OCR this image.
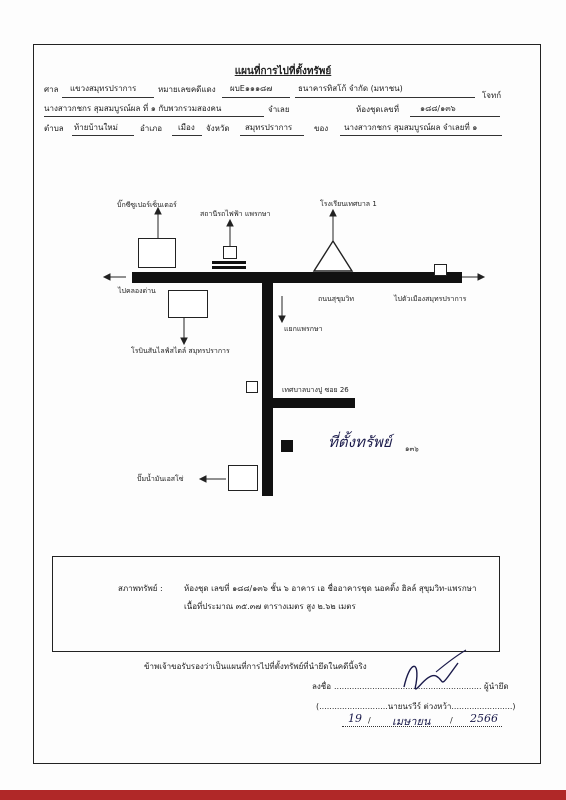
แผนที่การไปที่ตั้งทรัพย์
ศาล แขวงสมุทรปราการ	หมายเลขคดีแดง ผบE๑๑๑๘๗	ธนาคารทิสโก้ จำกัด (มหาชน)
โจทก์
นางสาวกชกร สุมสมบูรณ์ผล ที่ ๑ กับพวกรวมสองคน	จำเลย	ห้องชุดเลขที่	๑๘๘/๑๓๖
ตำบล ท้ายบ้านใหม่	อำเภอ เมือง จังหวัด สมุทรปราการ	ของ นางสาวกชกร สุมสมบูรณ์ผล จำเลยที่ ๑
บิ๊กซีซูเปอร์เซ็นเตอร์
สถานีรถไฟฟ้า แพรกษา
โรงเรียนเทศบาล 1
ไปคลองด่าน
ถนนสุขุมวิท	ไปตัวเมืองสมุทรปราการ
แยกแพรกษา
โรบินสันไลฟ์สไตล์ สมุทรปราการ
เทศบาลบางปู ซอย 26
ที่ตั้งทรัพย์ ๑๓๖
ปั๊มน้ำมันเอสโซ่
สภาพทรัพย์ :	ห้องชุด เลขที่ ๑๘๘/๑๓๖ ชั้น ๖ อาคาร เอ ชื่ออาคารชุด นอคติ้ง ฮิลล์ สุขุมวิท-แพรกษา
เนื้อที่ประมาณ ๓๕.๓๗ ตารางเมตร สูง ๒.๖๒ เมตร
ข้าพเจ้าขอรับรองว่าเป็นแผนที่การไปที่ตั้งทรัพย์ที่นำยึดในคดีนี้จริง
ลงชื่อ .......................................................... ผู้นำยึด
(...........................นายนรวีร์ ต่วงหว้า........................)
19 / เมษายน / 2566
